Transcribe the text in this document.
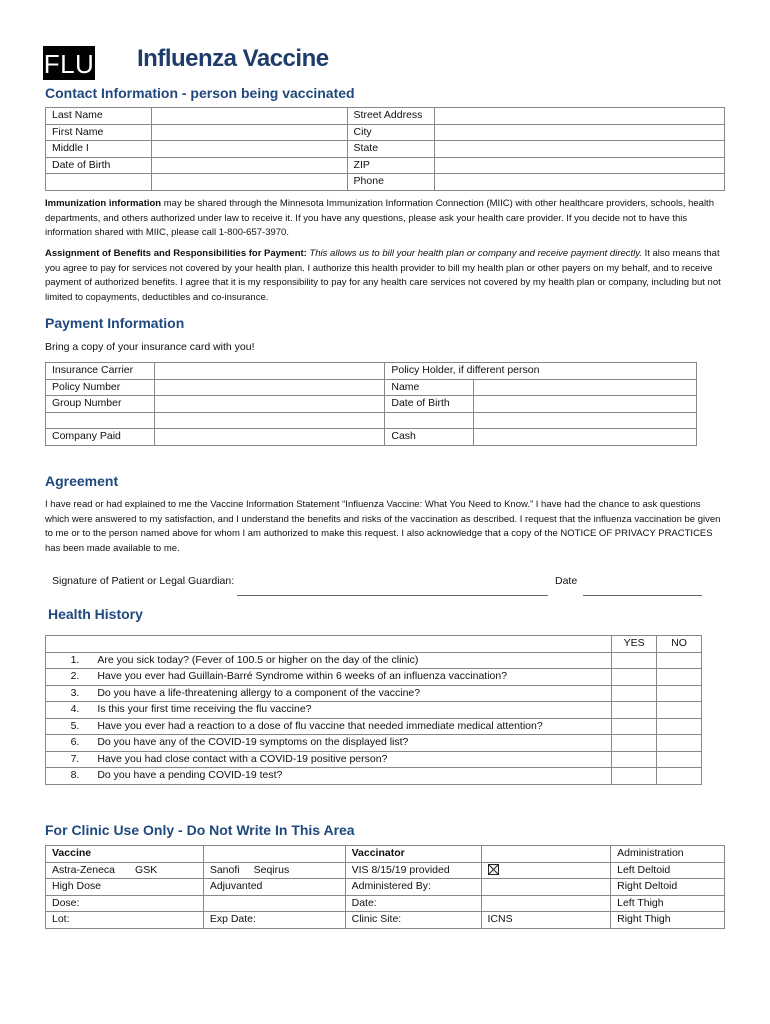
FLU Influenza Vaccine
Contact Information - person being vaccinated
Last Name		Street Address	
First Name		City	
Middle I		State	
Date of Birth		ZIP	
		Phone	
Immunization information may be shared through the Minnesota Immunization Information Connection (MIIC) with other healthcare providers, schools, health departments, and others authorized under law to receive it. If you have any questions, please ask your health care provider. If you decide not to have this information shared with MIIC, please call 1-800-657-3970.
Assignment of Benefits and Responsibilities for Payment: This allows us to bill your health plan or company and receive payment directly. It also means that you agree to pay for services not covered by your health plan. I authorize this health provider to bill my health plan or other payers on my behalf, and to receive payment of authorized benefits. I agree that it is my responsibility to pay for any health care services not covered by my health plan or company, including but not limited to copayments, deductibles and co-insurance.
Payment Information
Bring a copy of your insurance card with you!
Insurance Carrier		Policy Holder, if different person	
Policy Number		Name	
Group Number		Date of Birth	

Company Paid		Cash	
Agreement
I have read or had explained to me the Vaccine Information Statement “Influenza Vaccine: What You Need to Know.” I have had the chance to ask questions which were answered to my satisfaction, and I understand the benefits and risks of the vaccination as described. I request that the influenza vaccination be given to me or to the person named above for whom I am authorized to make this request. I also acknowledge that a copy of the NOTICE OF PRIVACY PRACTICES has been made available to me.
Signature of Patient or Legal Guardian:	Date
Health History
		YES	NO
1.	Are you sick today? (Fever of 100.5 or higher on the day of the clinic)		
2.	Have you ever had Guillain-Barré Syndrome within 6 weeks of an influenza vaccination?		
3.	Do you have a life-threatening allergy to a component of the vaccine?		
4.	Is this your first time receiving the flu vaccine?		
5.	Have you ever had a reaction to a dose of flu vaccine that needed immediate medical attention?		
6.	Do you have any of the COVID-19 symptoms on the displayed list?		
7.	Have you had close contact with a COVID-19 positive person?		
8.	Do you have a pending COVID-19 test?		
For Clinic Use Only - Do Not Write In This Area
Vaccine		Vaccinator		Administration
Astra-Zeneca GSK	Sanofi Seqirus	VIS 8/15/19 provided		Left Deltoid
High Dose	Adjuvanted	Administered By:		Right Deltoid
Dose:		Date:		Left Thigh
Lot:	Exp Date:	Clinic Site:	ICNS	Right Thigh
